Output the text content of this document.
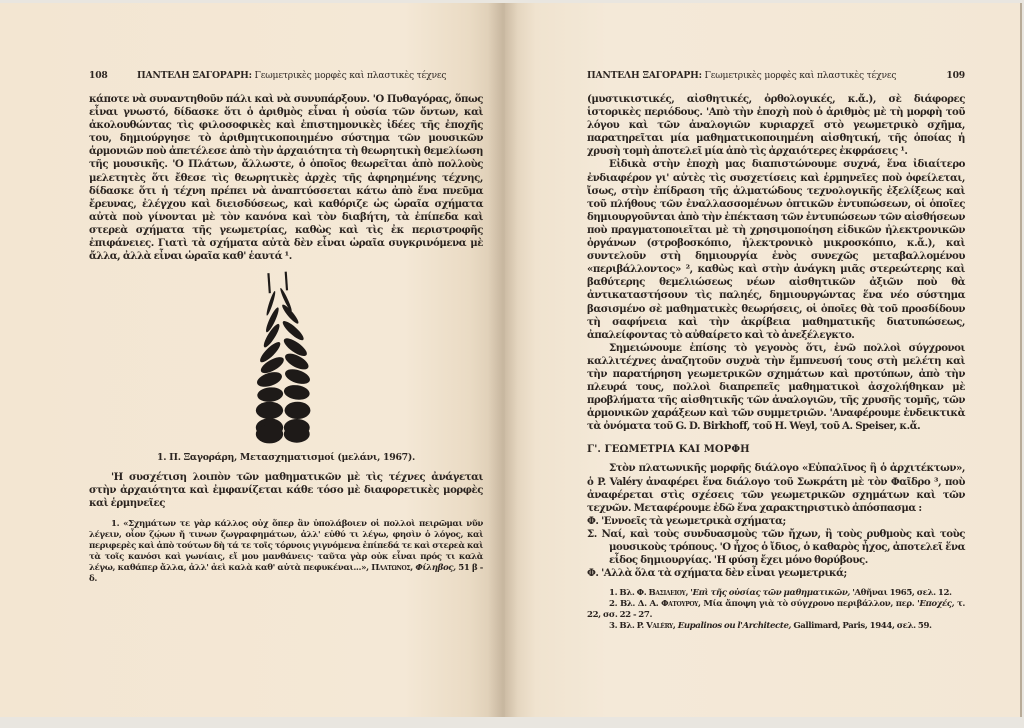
108	ΠΑΝΤΕΛΗ ΞΑΓΟΡΑΡΗ: Γεωμετρικὲς μορφὲς καὶ πλαστικὲς τέχνες

κάποτε νὰ συναντηθοῦν πάλι καὶ νὰ συνυπάρξουν. 'Ο Πυθαγόρας, ὅπως εἶναι γνωστό, δίδασκε ὅτι ὁ ἀριθμὸς εἶναι ἡ οὐσία τῶν ὄντων, καὶ ἀκολουθώντας τὶς φιλοσοφικὲς καὶ ἐπιστημονικὲς ἰδέες τῆς ἐποχῆς του, δημιούργησε τὸ ἀριθμητικοποιημένο σύστημα τῶν μουσικῶν ἁρμονιῶν ποὺ ἀπετέλεσε ἀπὸ τὴν ἀρχαιότητα τὴ θεωρητικὴ θεμελίωση τῆς μουσικῆς. 'Ο Πλάτων, ἄλλωστε, ὁ ὁποῖος θεωρεῖται ἀπὸ πολλοὺς μελετητὲς ὅτι ἔθεσε τὶς θεωρητικὲς ἀρχὲς τῆς ἀφηρημένης τέχνης, δίδασκε ὅτι ἡ τέχνη πρέπει νὰ ἀναπτύσσεται κάτω ἀπὸ ἕνα πνεῦμα ἔρευνας, ἐλέγχου καὶ διεισδύσεως, καὶ καθόριζε ὡς ὡραῖα σχήματα αὐτὰ ποὺ γίνονται μὲ τὸν κανόνα καὶ τὸν διαβήτη, τὰ ἐπίπεδα καὶ στερεὰ σχήματα τῆς γεωμετρίας, καθὼς καὶ τὶς ἐκ περιστροφῆς ἐπιφάνειες. Γιατὶ τὰ σχήματα αὐτὰ δὲν εἶναι ὡραῖα συγκρινόμενα μὲ ἄλλα, ἀλλὰ εἶναι ὡραῖα καθ' ἑαυτά ¹.

1. Π. Ξαγοράρη, Μετασχηματισμοί (μελάνι, 1967).

'Η συσχέτιση λοιπὸν τῶν μαθηματικῶν μὲ τὶς τέχνες ἀνάγεται στὴν ἀρχαιότητα καὶ ἐμφανίζεται κάθε τόσο μὲ διαφορετικὲς μορφὲς καὶ ἑρμηνεῖες

1. «Σχημάτων τε γὰρ κάλλος οὐχ ὅπερ ἂν ὑπολάβοιεν οἱ πολλοὶ πειρῶμαι νῦν λέγειν, οἷον ζῴων ἤ τινων ζωγραφημάτων, ἀλλ' εὐθύ τι λέγω, φησὶν ὁ λόγος, καὶ περιφερὲς καὶ ἀπὸ τούτων δὴ τά τε τοῖς τόρνοις γιγνόμενα ἐπίπεδά τε καὶ στερεὰ καὶ τὰ τοῖς κανόσι καὶ γωνίαις, εἴ μου μανθάνεις· ταῦτα γὰρ οὐκ εἶναι πρός τι καλὰ λέγω, καθάπερ ἄλλα, ἀλλ' ἀεὶ καλὰ καθ' αὑτὰ πεφυκέναι...», Πλατωνος, Φίληβος, 51 β - δ.

ΠΑΝΤΕΛΗ ΞΑΓΟΡΑΡΗ: Γεωμετρικὲς μορφὲς καὶ πλαστικὲς τέχνες	109

(μυστικιστικές, αἰσθητικές, ὀρθολογικές, κ.ἄ.), σὲ διάφορες ἱστορικὲς περιόδους. 'Απὸ τὴν ἐποχὴ ποὺ ὁ ἀριθμὸς μὲ τὴ μορφὴ τοῦ λόγου καὶ τῶν ἀναλογιῶν κυριαρχεῖ στὸ γεωμετρικὸ σχῆμα, παρατηρεῖται μία μαθηματικοποιημένη αἰσθητική, τῆς ὁποίας ἡ χρυσὴ τομὴ ἀποτελεῖ μία ἀπὸ τὶς ἀρχαιότερες ἐκφράσεις ¹.

Εἰδικὰ στὴν ἐποχὴ μας διαπιστώνουμε συχνά, ἕνα ἰδιαίτερο ἐνδιαφέρον γι' αὐτὲς τὶς συσχετίσεις καὶ ἑρμηνεῖες ποὺ ὀφείλεται, ἴσως, στὴν ἐπίδραση τῆς ἀλματώδους τεχνολογικῆς ἐξελίξεως καὶ τοῦ πλήθους τῶν ἐναλλασσομένων ὀπτικῶν ἐντυπώσεων, οἱ ὁποῖες δημιουργοῦνται ἀπὸ τὴν ἐπέκταση τῶν ἐντυπώσεων τῶν αἰσθήσεων ποὺ πραγματοποιεῖται μὲ τὴ χρησιμοποίηση εἰδικῶν ἠλεκτρονικῶν ὀργάνων (στροβοσκόπιο, ἠλεκτρονικὸ μικροσκόπιο, κ.ἄ.), καὶ συντελοῦν στὴ δημιουργία ἑνὸς συνεχῶς μεταβαλλομένου «περιβάλλοντος» ², καθὼς καὶ στὴν ἀνάγκη μιᾶς στερεώτερης καὶ βαθύτερης θεμελιώσεως νέων αἰσθητικῶν ἀξιῶν ποὺ θὰ ἀντικαταστήσουν τὶς παληές, δημιουργώντας ἕνα νέο σύστημα βασισμένο σὲ μαθηματικὲς θεωρήσεις, οἱ ὁποῖες θὰ τοῦ προσδίδουν τὴ σαφήνεια καὶ τὴν ἀκρίβεια μαθηματικῆς διατυπώσεως, ἀπαλείφοντας τὸ αὐθαίρετο καὶ τὸ ἀνεξέλεγκτο.

Σημειώνουμε ἐπίσης τὸ γεγονὸς ὅτι, ἐνῶ πολλοὶ σύγχρονοι καλλιτέχνες ἀναζητοῦν συχνὰ τὴν ἔμπνευσή τους στὴ μελέτη καὶ τὴν παρατήρηση γεωμετρικῶν σχημάτων καὶ προτύπων, ἀπὸ τὴν πλευρά τους, πολλοὶ διαπρεπεῖς μαθηματικοὶ ἀσχολήθηκαν μὲ προβλήματα τῆς αἰσθητικῆς τῶν ἀναλογιῶν, τῆς χρυσῆς τομῆς, τῶν ἁρμονικῶν χαράξεων καὶ τῶν συμμετριῶν. 'Αναφέρουμε ἐνδεικτικὰ τὰ ὀνόματα τοῦ G. D. Birkhoff, τοῦ H. Weyl, τοῦ A. Speiser, κ.ἄ.

Γ'. ΓΕΩΜΕΤΡΙΑ ΚΑΙ ΜΟΡΦΗ

Στὸν πλατωνικῆς μορφῆς διάλογο «Εὐπαλῖνος ἢ ὁ ἀρχιτέκτων», ὁ P. Valéry ἀναφέρει ἕνα διάλογο τοῦ Σωκράτη μὲ τὸν Φαῖδρο ³, ποὺ ἀναφέρεται στὶς σχέσεις τῶν γεωμετρικῶν σχημάτων καὶ τῶν τεχνῶν. Μεταφέρουμε ἐδῶ ἕνα χαρακτηριστικὸ ἀπόσπασμα :

Φ. 'Εννοεῖς τὰ γεωμετρικὰ σχήματα;

Σ. Ναί, καὶ τοὺς συνδυασμοὺς τῶν ἤχων, ἢ τοὺς ρυθμοὺς καὶ τοὺς μουσικοὺς τρόπους. 'Ο ἦχος ὁ ἴδιος, ὁ καθαρὸς ἦχος, ἀποτελεῖ ἕνα εἶδος δημιουργίας. 'Η φύση ἔχει μόνο θορύβους.

Φ. 'Αλλὰ ὅλα τὰ σχήματα δὲν εἶναι γεωμετρικά;

1. Βλ. Φ. Βασιλειου, 'Επὶ τῆς οὐσίας τῶν μαθηματικῶν, 'Αθῆναι 1965, σελ. 12.

2. Βλ. Δ. Α. Φατουρου, Μία ἄποψη γιὰ τὸ σύγχρονο περιβάλλον, περ. 'Εποχές, τ. 22, σσ. 22 - 27.

3. Βλ. P. Valéry, Eupalinos ou l'Architecte, Gallimard, Paris, 1944, σελ. 59.
